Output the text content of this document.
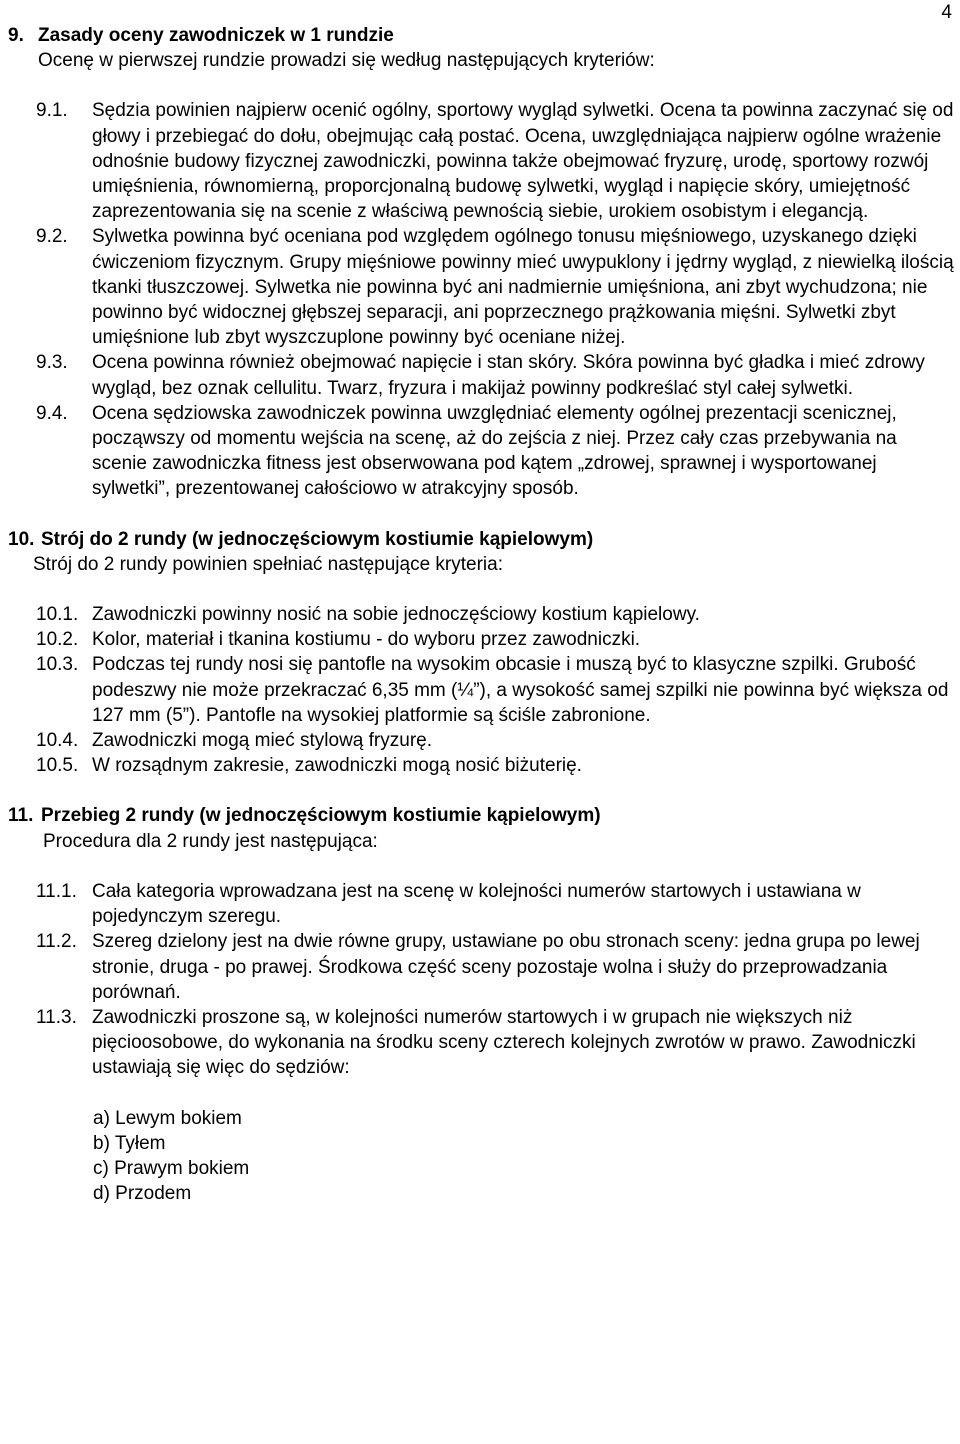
4
9. Zasady oceny zawodniczek w 1 rundzie
Ocenę w pierwszej rundzie prowadzi się według następujących kryteriów:
9.1.	Sędzia powinien najpierw ocenić ogólny, sportowy wygląd sylwetki. Ocena ta powinna zaczynać się od głowy i przebiegać do dołu, obejmując całą postać. Ocena, uwzględniająca najpierw ogólne wrażenie odnośnie budowy fizycznej zawodniczki, powinna także obejmować fryzurę, urodę, sportowy rozwój umięśnienia, równomierną, proporcjonalną budowę sylwetki, wygląd i napięcie skóry, umiejętność zaprezentowania się na scenie z właściwą pewnością siebie, urokiem osobistym i elegancją.
9.2.	Sylwetka powinna być oceniana pod względem ogólnego tonusu mięśniowego, uzyskanego dzięki ćwiczeniom fizycznym. Grupy mięśniowe powinny mieć uwypuklony i jędrny wygląd, z niewielką ilością tkanki tłuszczowej. Sylwetka nie powinna być ani nadmiernie umięśniona, ani zbyt wychudzona; nie powinno być widocznej głębszej separacji, ani poprzecznego prążkowania mięśni. Sylwetki zbyt umięśnione lub zbyt wyszczuplone powinny być oceniane niżej.
9.3.	Ocena powinna również obejmować napięcie i stan skóry. Skóra powinna być gładka i mieć zdrowy wygląd, bez oznak cellulitu. Twarz, fryzura i makijaż powinny podkreślać styl całej sylwetki.
9.4.	Ocena sędziowska zawodniczek powinna uwzględniać elementy ogólnej prezentacji scenicznej, począwszy od momentu wejścia na scenę, aż do zejścia z niej. Przez cały czas przebywania na scenie zawodniczka fitness jest obserwowana pod kątem „zdrowej, sprawnej i wysportowanej sylwetki”, prezentowanej całościowo w atrakcyjny sposób.
10. Strój do 2 rundy (w jednoczęściowym kostiumie kąpielowym)
Strój do 2 rundy powinien spełniać następujące kryteria:
10.1. Zawodniczki powinny nosić na sobie jednoczęściowy kostium kąpielowy.
10.2. Kolor, materiał i tkanina kostiumu - do wyboru przez zawodniczki.
10.3. Podczas tej rundy nosi się pantofle na wysokim obcasie i muszą być to klasyczne szpilki. Grubość podeszwy nie może przekraczać 6,35 mm (¼”), a wysokość samej szpilki nie powinna być większa od 127 mm (5”). Pantofle na wysokiej platformie są ściśle zabronione.
10.4. Zawodniczki mogą mieć stylową fryzurę.
10.5. W rozsądnym zakresie, zawodniczki mogą nosić biżuterię.
11. Przebieg 2 rundy (w jednoczęściowym kostiumie kąpielowym)
Procedura dla 2 rundy jest następująca:
11.1. Cała kategoria wprowadzana jest na scenę w kolejności numerów startowych i ustawiana w pojedynczym szeregu.
11.2. Szereg dzielony jest na dwie równe grupy, ustawiane po obu stronach sceny: jedna grupa po lewej stronie, druga - po prawej. Środkowa część sceny pozostaje wolna i służy do przeprowadzania porównań.
11.3. Zawodniczki proszone są, w kolejności numerów startowych i w grupach nie większych niż pięcioosobowe, do wykonania na środku sceny czterech kolejnych zwrotów w prawo. Zawodniczki ustawiają się więc do sędziów:
a) Lewym bokiem
b) Tyłem
c) Prawym bokiem
d) Przodem
